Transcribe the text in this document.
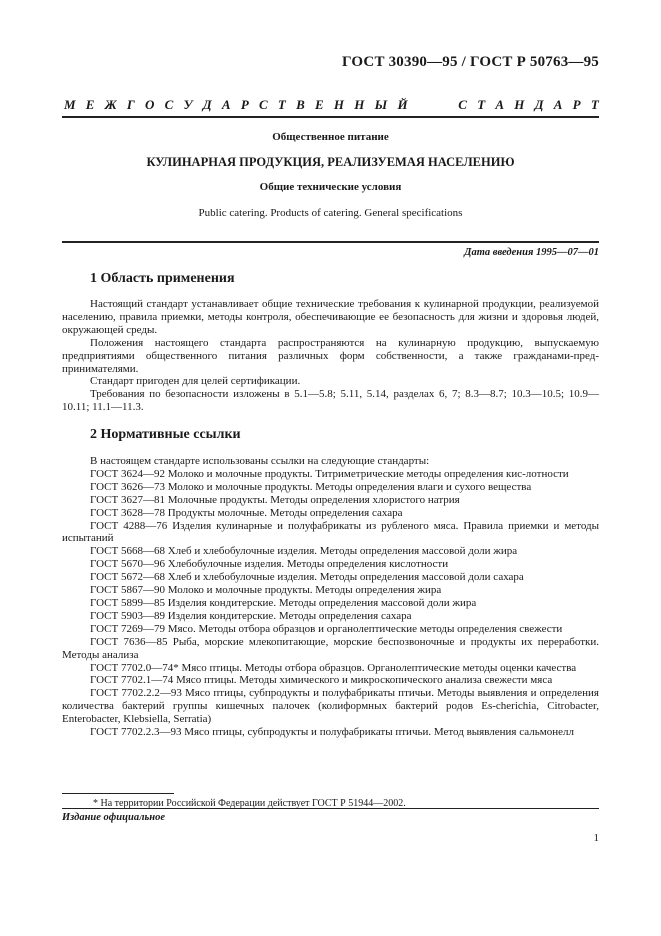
ГОСТ 30390—95 / ГОСТ Р 50763—95
М Е Ж Г О С У Д А Р С Т В Е Н Н Ы Й

	С Т А Н Д А Р Т
Общественное питание
КУЛИНАРНАЯ ПРОДУКЦИЯ, РЕАЛИЗУЕМАЯ НАСЕЛЕНИЮ
Общие технические условия
Public catering. Products of catering. General specifications
Дата введения 1995—07—01
1 Область применения

Настоящий стандарт устанавливает общие технические требования к кулинарной продукции, реализуемой населению, правила приемки, методы контроля, обеспечивающие ее безопасность для жизни и здоровья людей, окружающей среды.

Положения настоящего стандарта распространяются на кулинарную продукцию, выпускаемую предприятиями общественного питания различных форм собственности, а также гражданами-пред-принимателями.

Стандарт пригоден для целей сертификации.

Требования по безопасности изложены в 5.1—5.8; 5.11, 5.14, разделах 6, 7; 8.3—8.7; 10.3—10.5; 10.9—10.11; 11.1—11.3.

2 Нормативные ссылки

В настоящем стандарте использованы ссылки на следующие стандарты:

ГОСТ 3624—92 Молоко и молочные продукты. Титриметрические методы определения кис-лотности

ГОСТ 3626—73 Молоко и молочные продукты. Методы определения влаги и сухого вещества

ГОСТ 3627—81 Молочные продукты. Методы определения хлористого натрия

ГОСТ 3628—78 Продукты молочные. Методы определения сахара

ГОСТ 4288—76 Изделия кулинарные и полуфабрикаты из рубленого мяса. Правила приемки и методы испытаний

ГОСТ 5668—68 Хлеб и хлебобулочные изделия. Методы определения массовой доли жира

ГОСТ 5670—96 Хлебобулочные изделия. Методы определения кислотности

ГОСТ 5672—68 Хлеб и хлебобулочные изделия. Методы определения массовой доли сахара

ГОСТ 5867—90 Молоко и молочные продукты. Методы определения жира

ГОСТ 5899—85 Изделия кондитерские. Методы определения массовой доли жира

ГОСТ 5903—89 Изделия кондитерские. Методы определения сахара

ГОСТ 7269—79 Мясо. Методы отбора образцов и органолептические методы определения свежести

ГОСТ 7636—85 Рыба, морские млекопитающие, морские беспозвоночные и продукты их переработки. Методы анализа

ГОСТ 7702.0—74* Мясо птицы. Методы отбора образцов. Органолептические методы оценки качества

ГОСТ 7702.1—74 Мясо птицы. Методы химического и микроскопического анализа свежести мяса

ГОСТ 7702.2.2—93 Мясо птицы, субпродукты и полуфабрикаты птичьи. Методы выявления и определения количества бактерий группы кишечных палочек (колиформных бактерий родов Es-cherichia, Citrobacter, Enterobacter, Klebsiella, Serratia)

ГОСТ 7702.2.3—93 Мясо птицы, субпродукты и полуфабрикаты птичьи. Метод выявления сальмонелл

* На территории Российской Федерации действует ГОСТ Р 51944—2002.
Издание официальное
1
